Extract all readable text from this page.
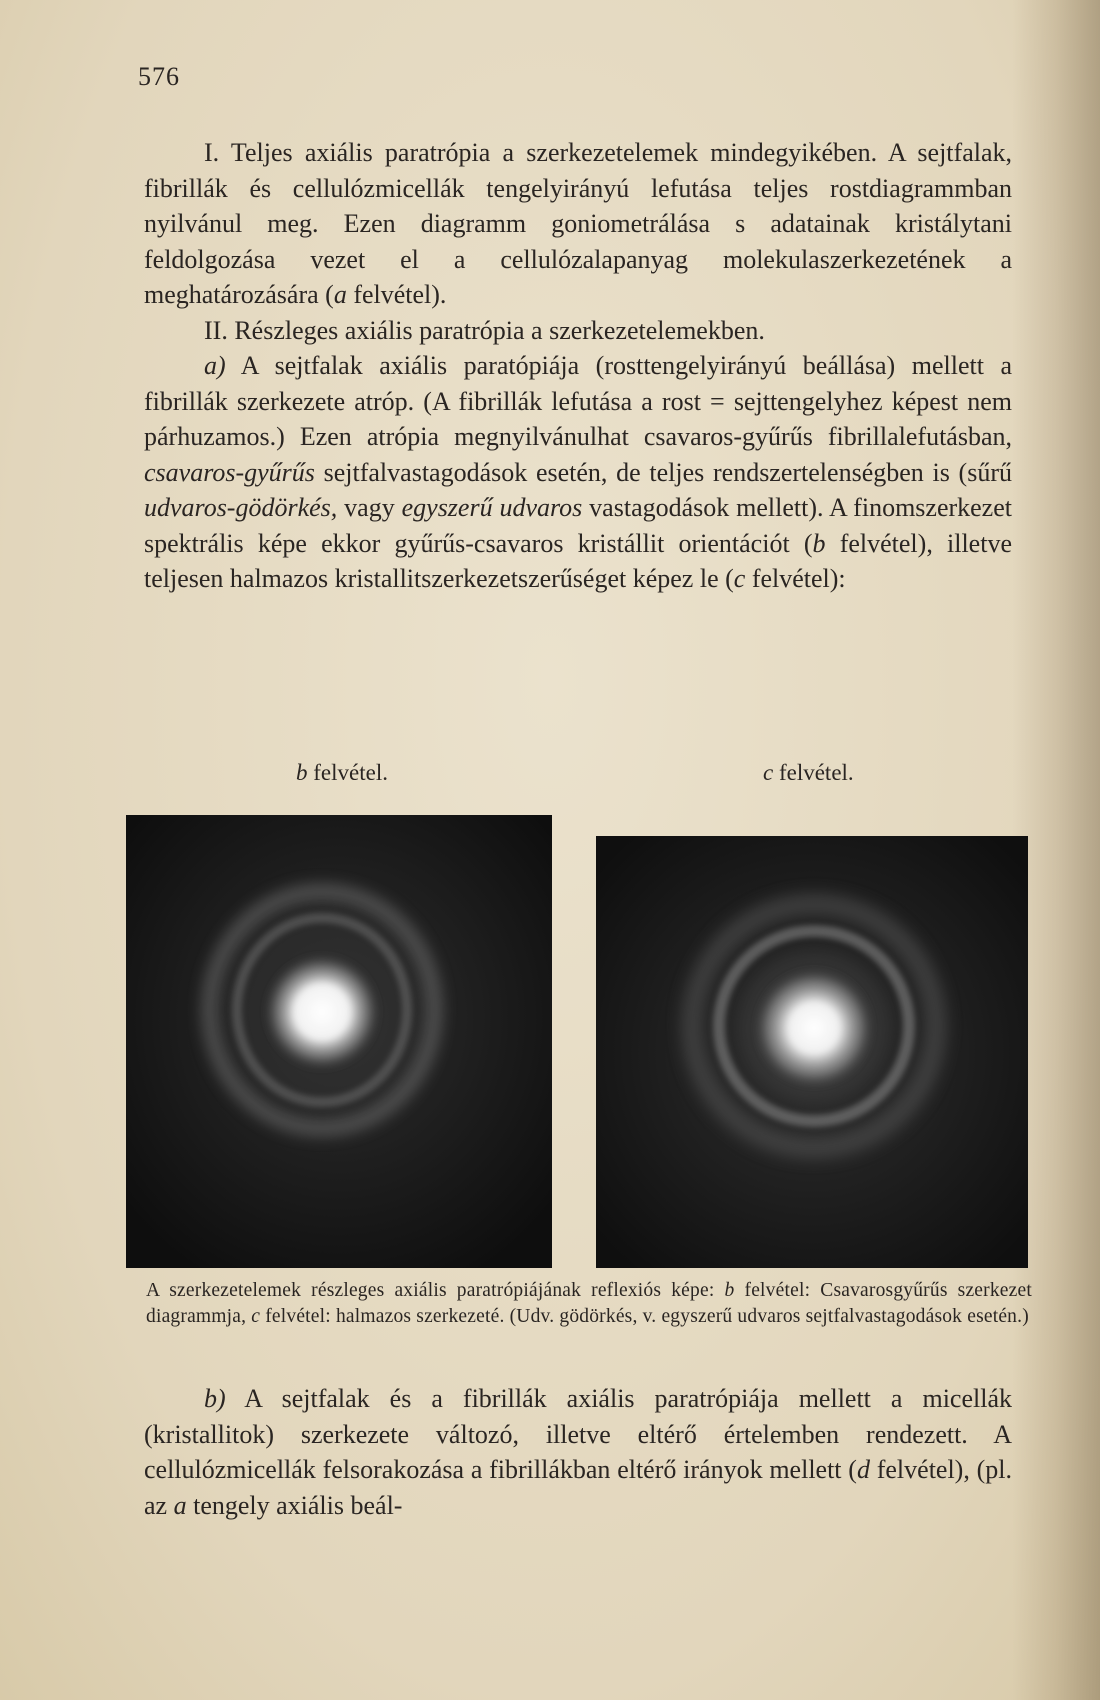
576

I. Teljes axiális paratrópia a szerkezetelemek mindegyikében. A sejtfalak, fibrillák és cellulózmicellák tengelyirányú lefutása teljes rostdiagrammban nyilvánul meg. Ezen diagramm goniometrálása s adatainak kristálytani feldolgozása vezet el a cellulózalapanyag molekulaszerkezetének a meghatározására (a felvétel).

II. Részleges axiális paratrópia a szerkezetelemekben.

a) A sejtfalak axiális paratópiája (rosttengelyirányú beállása) mellett a fibrillák szerkezete atróp. (A fibrillák lefutása a rost = sejttengelyhez képest nem párhuzamos.) Ezen atrópia megnyilvánulhat csavaros-gyűrűs fibrillalefutásban, csavaros-gyűrűs sejtfalvastagodások esetén, de teljes rendszertelenségben is (sűrű udvaros-gödörkés, vagy egyszerű udvaros vastagodások mellett). A finomszerkezet spektrális képe ekkor gyűrűs-csavaros kristállit orientációt (b felvétel), illetve teljesen halmazos kristallitszerkezetszerűséget képez le (c felvétel):

b felvétel.	c felvétel.

A szerkezetelemek részleges axiális paratrópiájának reflexiós képe: b felvétel: Csavarosgyűrűs szerkezet diagrammja, c felvétel: halmazos szerkezeté. (Udv. gödörkés, v. egyszerű udvaros sejtfalvastagodások esetén.)

b) A sejtfalak és a fibrillák axiális paratrópiája mellett a micellák (kristallitok) szerkezete változó, illetve eltérő értelemben rendezett. A cellulózmicellák felsorakozása a fibrillákban eltérő irányok mellett (d felvétel), (pl. az a tengely axiális beál-
